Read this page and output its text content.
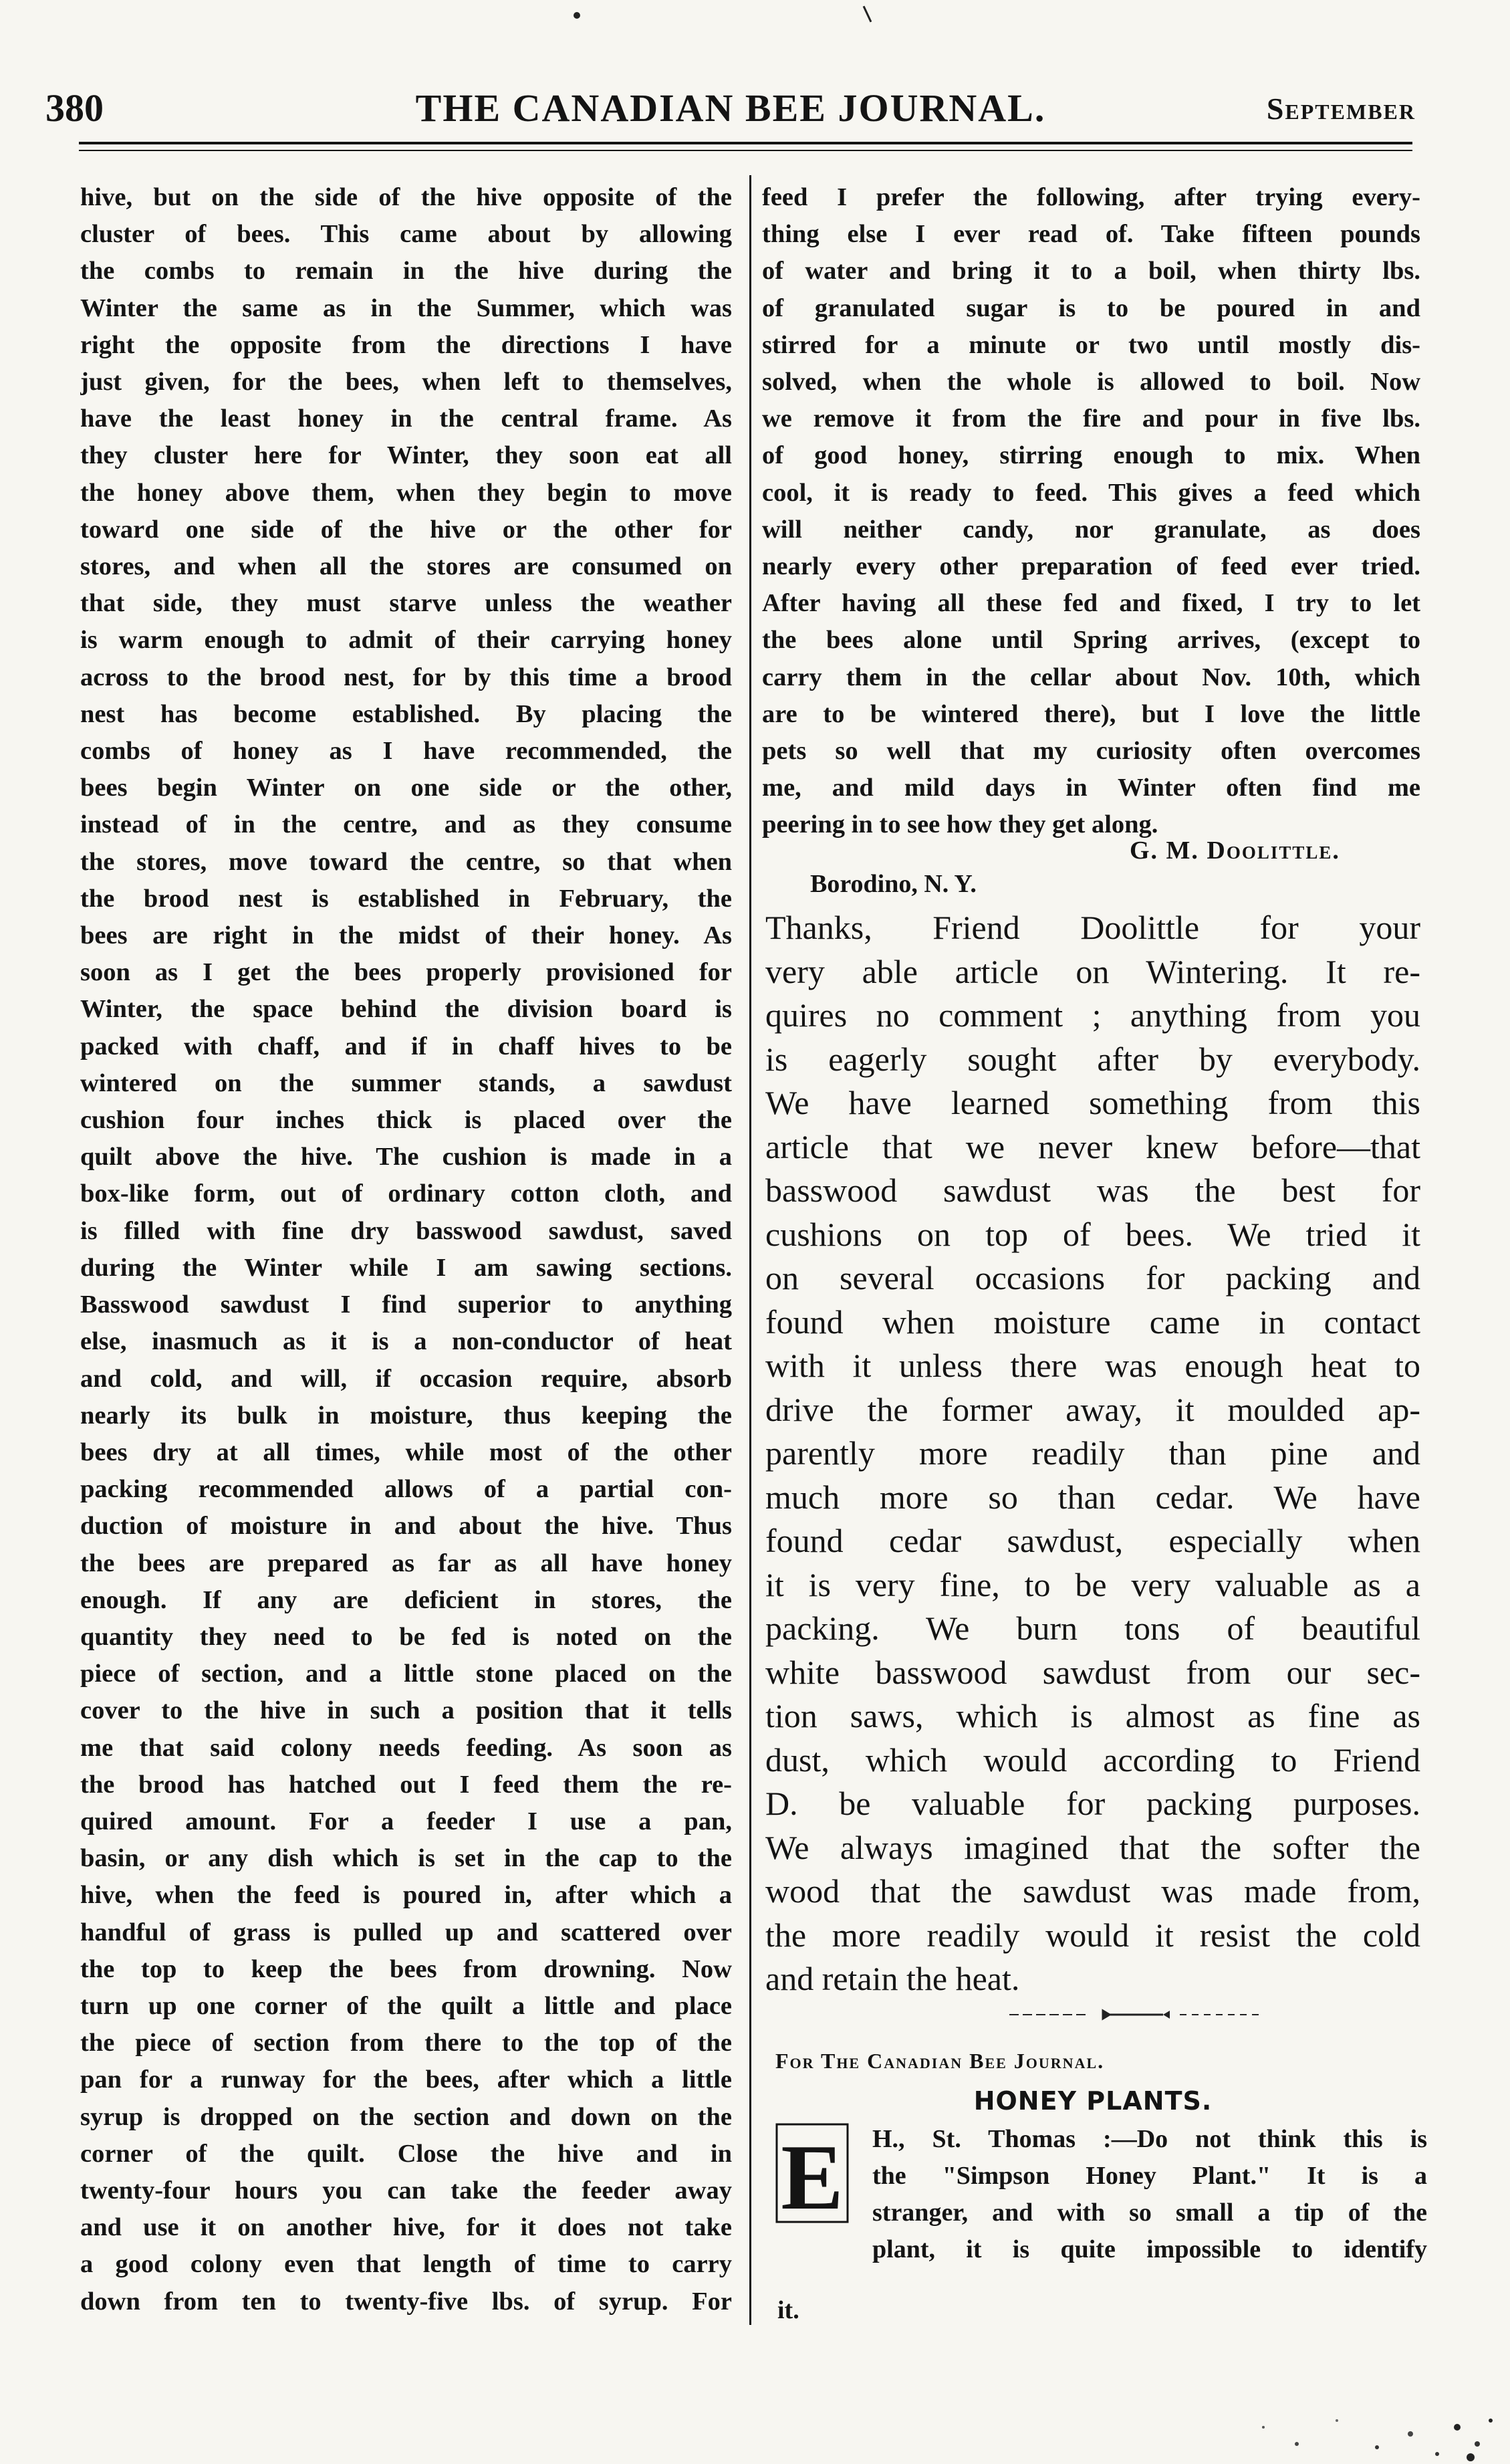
380	THE CANADIAN BEE JOURNAL.	September
hive, but on the side of the hive opposite of the
cluster of bees. This came about by allowing
the combs to remain in the hive during the
Winter the same as in the Summer, which was
right the opposite from the directions I have
just given, for the bees, when left to themselves,
have the least honey in the central frame. As
they cluster here for Winter, they soon eat all
the honey above them, when they begin to move
toward one side of the hive or the other for
stores, and when all the stores are consumed on
that side, they must starve unless the weather
is warm enough to admit of their carrying honey
across to the brood nest, for by this time a brood
nest has become established. By placing the
combs of honey as I have recommended, the
bees begin Winter on one side or the other,
instead of in the centre, and as they consume
the stores, move toward the centre, so that when
the brood nest is established in February, the
bees are right in the midst of their honey. As
soon as I get the bees properly provisioned for
Winter, the space behind the division board is
packed with chaff, and if in chaff hives to be
wintered on the summer stands, a sawdust
cushion four inches thick is placed over the
quilt above the hive. The cushion is made in a
box-like form, out of ordinary cotton cloth, and
is filled with fine dry basswood sawdust, saved
during the Winter while I am sawing sections.
Basswood sawdust I find superior to anything
else, inasmuch as it is a non-conductor of heat
and cold, and will, if occasion require, absorb
nearly its bulk in moisture, thus keeping the
bees dry at all times, while most of the other
packing recommended allows of a partial con-
duction of moisture in and about the hive. Thus
the bees are prepared as far as all have honey
enough. If any are deficient in stores, the
quantity they need to be fed is noted on the
piece of section, and a little stone placed on the
cover to the hive in such a position that it tells
me that said colony needs feeding. As soon as
the brood has hatched out I feed them the re-
quired amount. For a feeder I use a pan,
basin, or any dish which is set in the cap to the
hive, when the feed is poured in, after which a
handful of grass is pulled up and scattered over
the top to keep the bees from drowning. Now
turn up one corner of the quilt a little and place
the piece of section from there to the top of the
pan for a runway for the bees, after which a little
syrup is dropped on the section and down on the
corner of the quilt. Close the hive and in
twenty-four hours you can take the feeder away
and use it on another hive, for it does not take
a good colony even that length of time to carry
down from ten to twenty-five lbs. of syrup. For
feed I prefer the following, after trying every-
thing else I ever read of. Take fifteen pounds
of water and bring it to a boil, when thirty lbs.
of granulated sugar is to be poured in and
stirred for a minute or two until mostly dis-
solved, when the whole is allowed to boil. Now
we remove it from the fire and pour in five lbs.
of good honey, stirring enough to mix. When
cool, it is ready to feed. This gives a feed which
will neither candy, nor granulate, as does
nearly every other preparation of feed ever tried.
After having all these fed and fixed, I try to let
the bees alone until Spring arrives, (except to
carry them in the cellar about Nov. 10th, which
are to be wintered there), but I love the little
pets so well that my curiosity often overcomes
me, and mild days in Winter often find me
peering in to see how they get along.
G. M. Doolittle.
Borodino, N. Y.
Thanks, Friend Doolittle for your
very able article on Wintering. It re-
quires no comment ; anything from you
is eagerly sought after by everybody.
We have learned something from this
article that we never knew before—that
basswood sawdust was the best for
cushions on top of bees. We tried it
on several occasions for packing and
found when moisture came in contact
with it unless there was enough heat to
drive the former away, it moulded ap-
parently more readily than pine and
much more so than cedar. We have
found cedar sawdust, especially when
it is very fine, to be very valuable as a
packing. We burn tons of beautiful
white basswood sawdust from our sec-
tion saws, which is almost as fine as
dust, which would according to Friend
D. be valuable for packing purposes.
We always imagined that the softer the
wood that the sawdust was made from,
the more readily would it resist the cold
and retain the heat.
For The Canadian Bee Journal.
HONEY PLANTS.
E H., St. Thomas :—Do not think this is
the "Simpson Honey Plant." It is a
stranger, and with so small a tip of the
plant, it is quite impossible to identify
it.
